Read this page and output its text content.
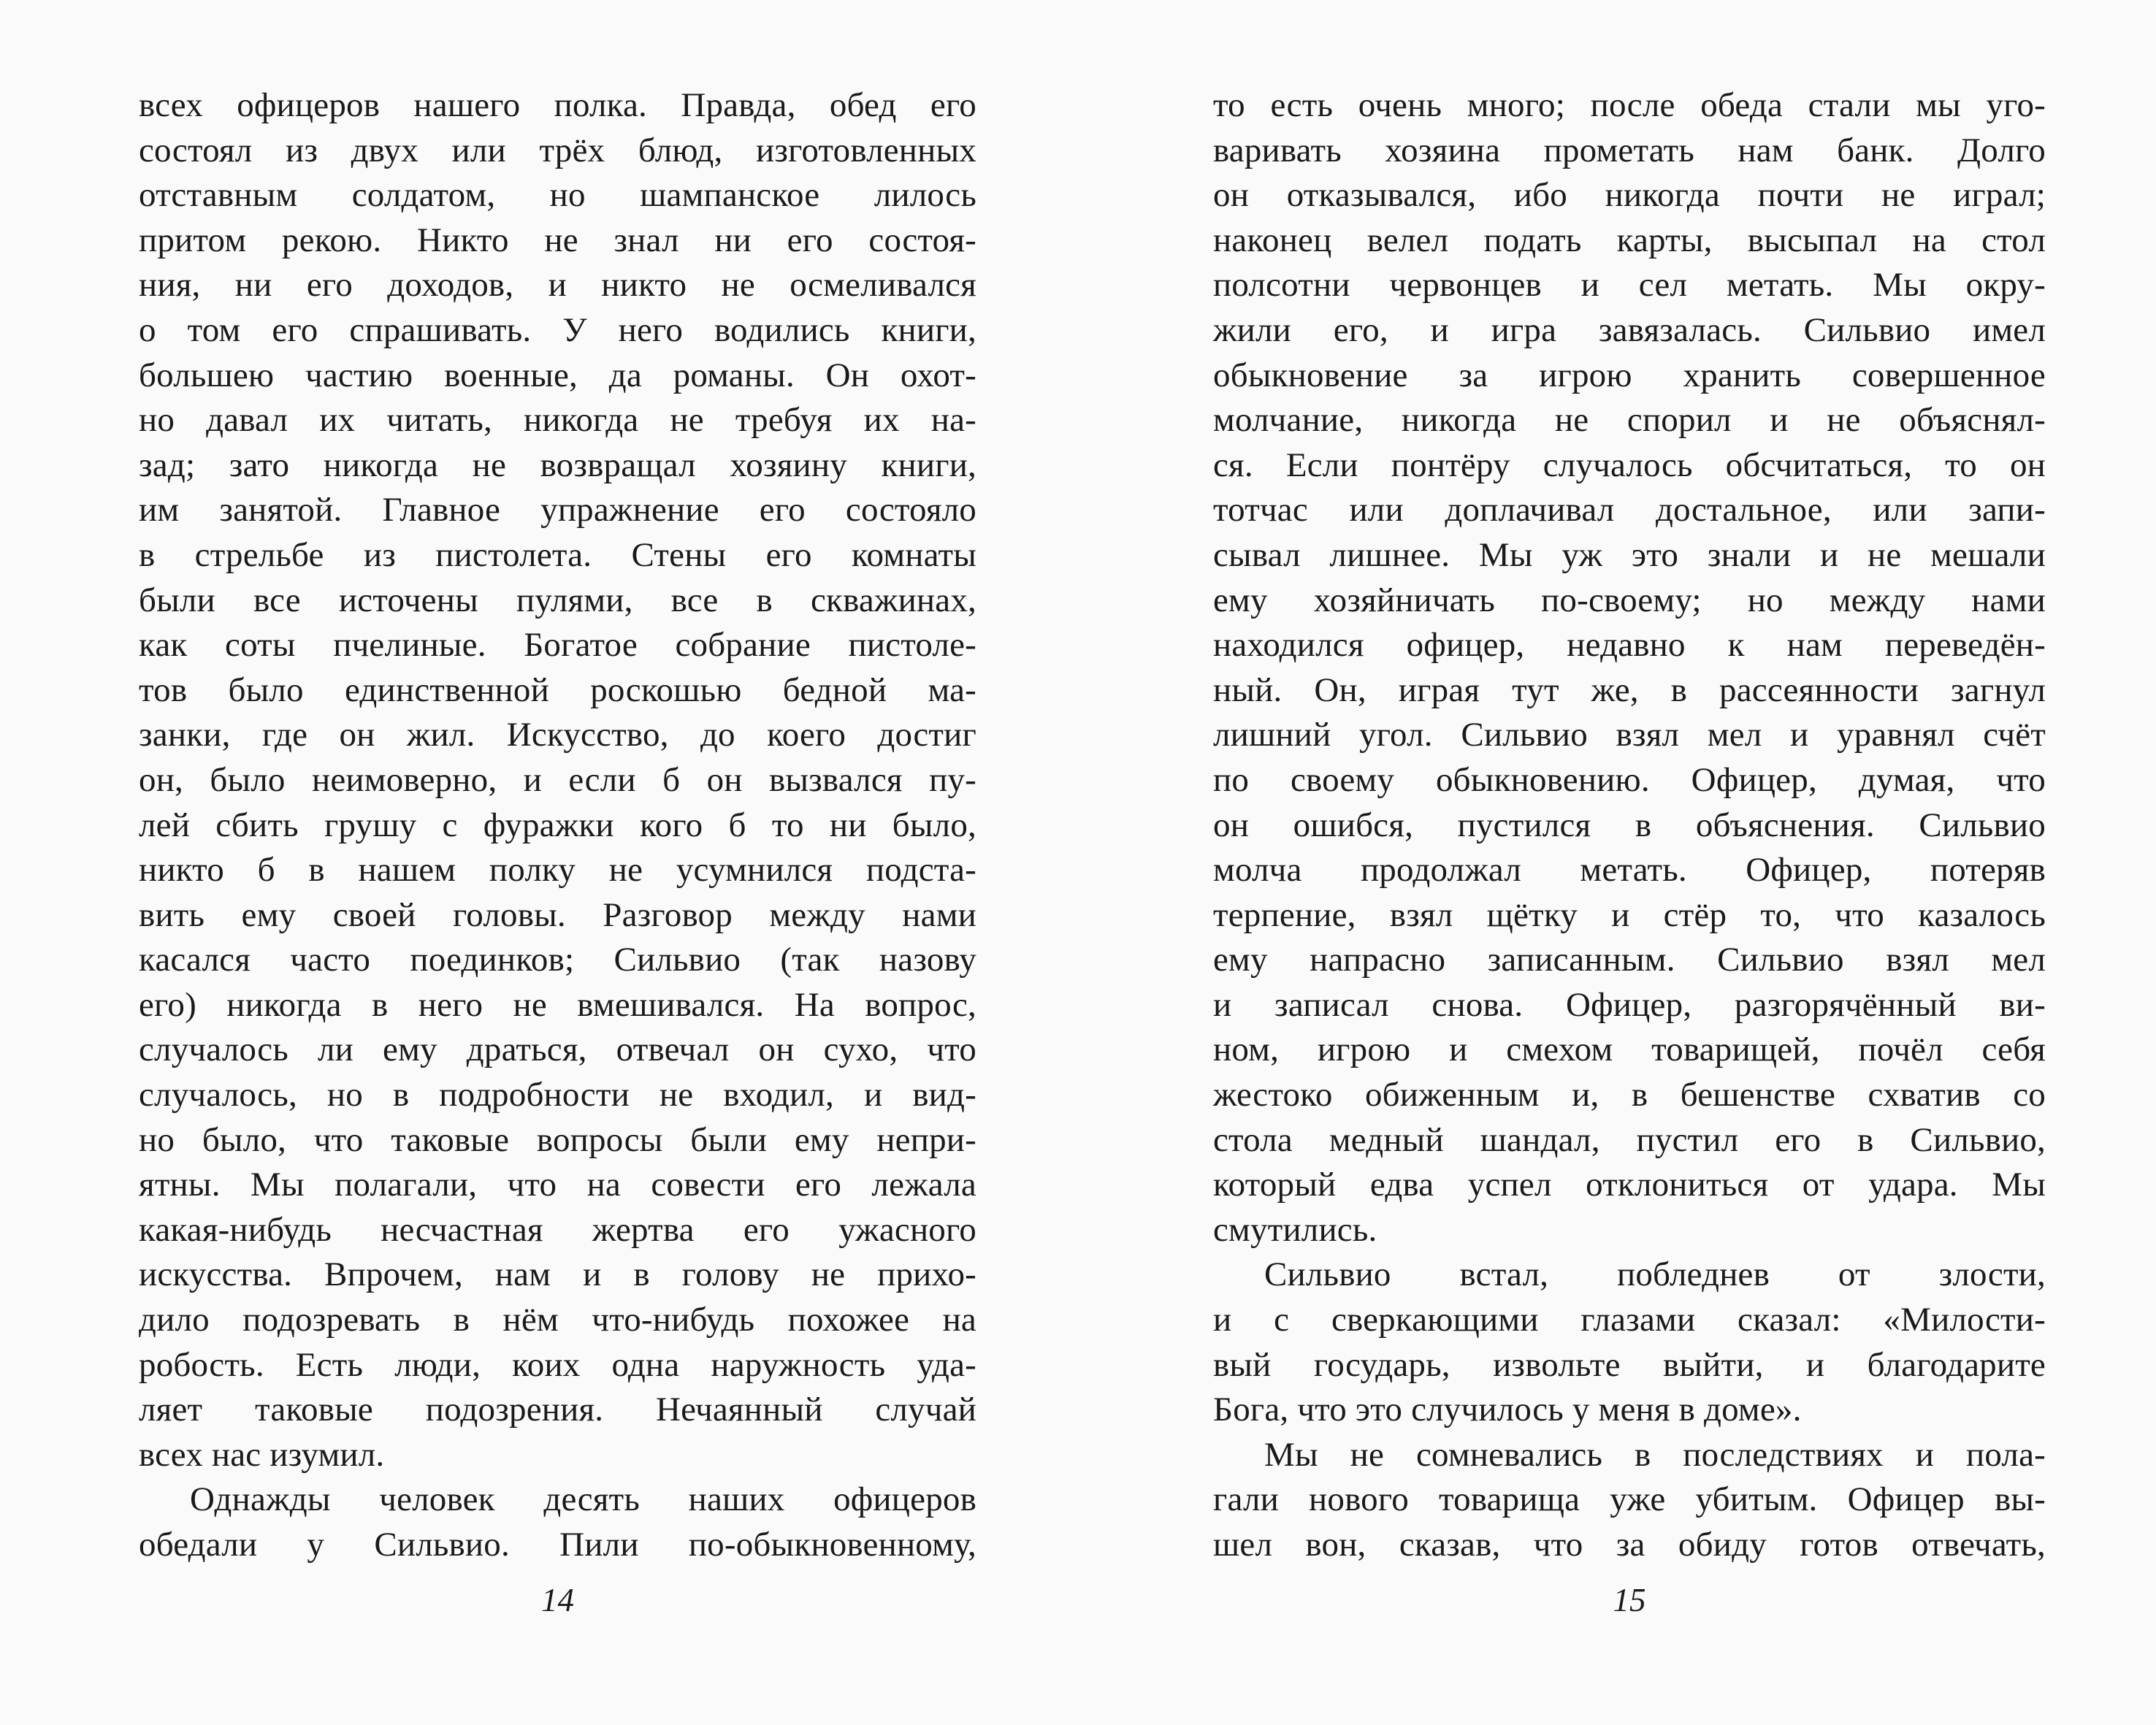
всех офицеров нашего полка. Правда, обед его
состоял из двух или трёх блюд, изготовленных
отставным солдатом, но шампанское лилось
притом рекою. Никто не знал ни его состоя-
ния, ни его доходов, и никто не осмеливался
о том его спрашивать. У него водились книги,
большею частию военные, да романы. Он охот-
но давал их читать, никогда не требуя их на-
зад; зато никогда не возвращал хозяину книги,
им занятой. Главное упражнение его состояло
в стрельбе из пистолета. Стены его комнаты
были все источены пулями, все в скважинах,
как соты пчелиные. Богатое собрание пистоле-
тов было единственной роскошью бедной ма-
занки, где он жил. Искусство, до коего достиг
он, было неимоверно, и если б он вызвался пу-
лей сбить грушу с фуражки кого б то ни было,
никто б в нашем полку не усумнился подста-
вить ему своей головы. Разговор между нами
касался часто поединков; Сильвио (так назову
его) никогда в него не вмешивался. На вопрос,
случалось ли ему драться, отвечал он сухо, что
случалось, но в подробности не входил, и вид-
но было, что таковые вопросы были ему непри-
ятны. Мы полагали, что на совести его лежала
какая-нибудь несчастная жертва его ужасного
искусства. Впрочем, нам и в голову не прихо-
дило подозревать в нём что-нибудь похожее на
робость. Есть люди, коих одна наружность уда-
ляет таковые подозрения. Нечаянный случай
всех нас изумил.
Однажды человек десять наших офицеров
обедали у Сильвио. Пили по-обыкновенному,
14
то есть очень много; после обеда стали мы уго-
варивать хозяина прометать нам банк. Долго
он отказывался, ибо никогда почти не играл;
наконец велел подать карты, высыпал на стол
полсотни червонцев и сел метать. Мы окру-
жили его, и игра завязалась. Сильвио имел
обыкновение за игрою хранить совершенное
молчание, никогда не спорил и не объяснял-
ся. Если понтёру случалось обсчитаться, то он
тотчас или доплачивал достальное, или запи-
сывал лишнее. Мы уж это знали и не мешали
ему хозяйничать по-своему; но между нами
находился офицер, недавно к нам переведён-
ный. Он, играя тут же, в рассеянности загнул
лишний угол. Сильвио взял мел и уравнял счёт
по своему обыкновению. Офицер, думая, что
он ошибся, пустился в объяснения. Сильвио
молча продолжал метать. Офицер, потеряв
терпение, взял щётку и стёр то, что казалось
ему напрасно записанным. Сильвио взял мел
и записал снова. Офицер, разгорячённый ви-
ном, игрою и смехом товарищей, почёл себя
жестоко обиженным и, в бешенстве схватив со
стола медный шандал, пустил его в Сильвио,
который едва успел отклониться от удара. Мы
смутились.
Сильвио встал, побледнев от злости,
и с сверкающими глазами сказал: «Милости-
вый государь, извольте выйти, и благодарите
Бога, что это случилось у меня в доме».
Мы не сомневались в последствиях и пола-
гали нового товарища уже убитым. Офицер вы-
шел вон, сказав, что за обиду готов отвечать,
15
